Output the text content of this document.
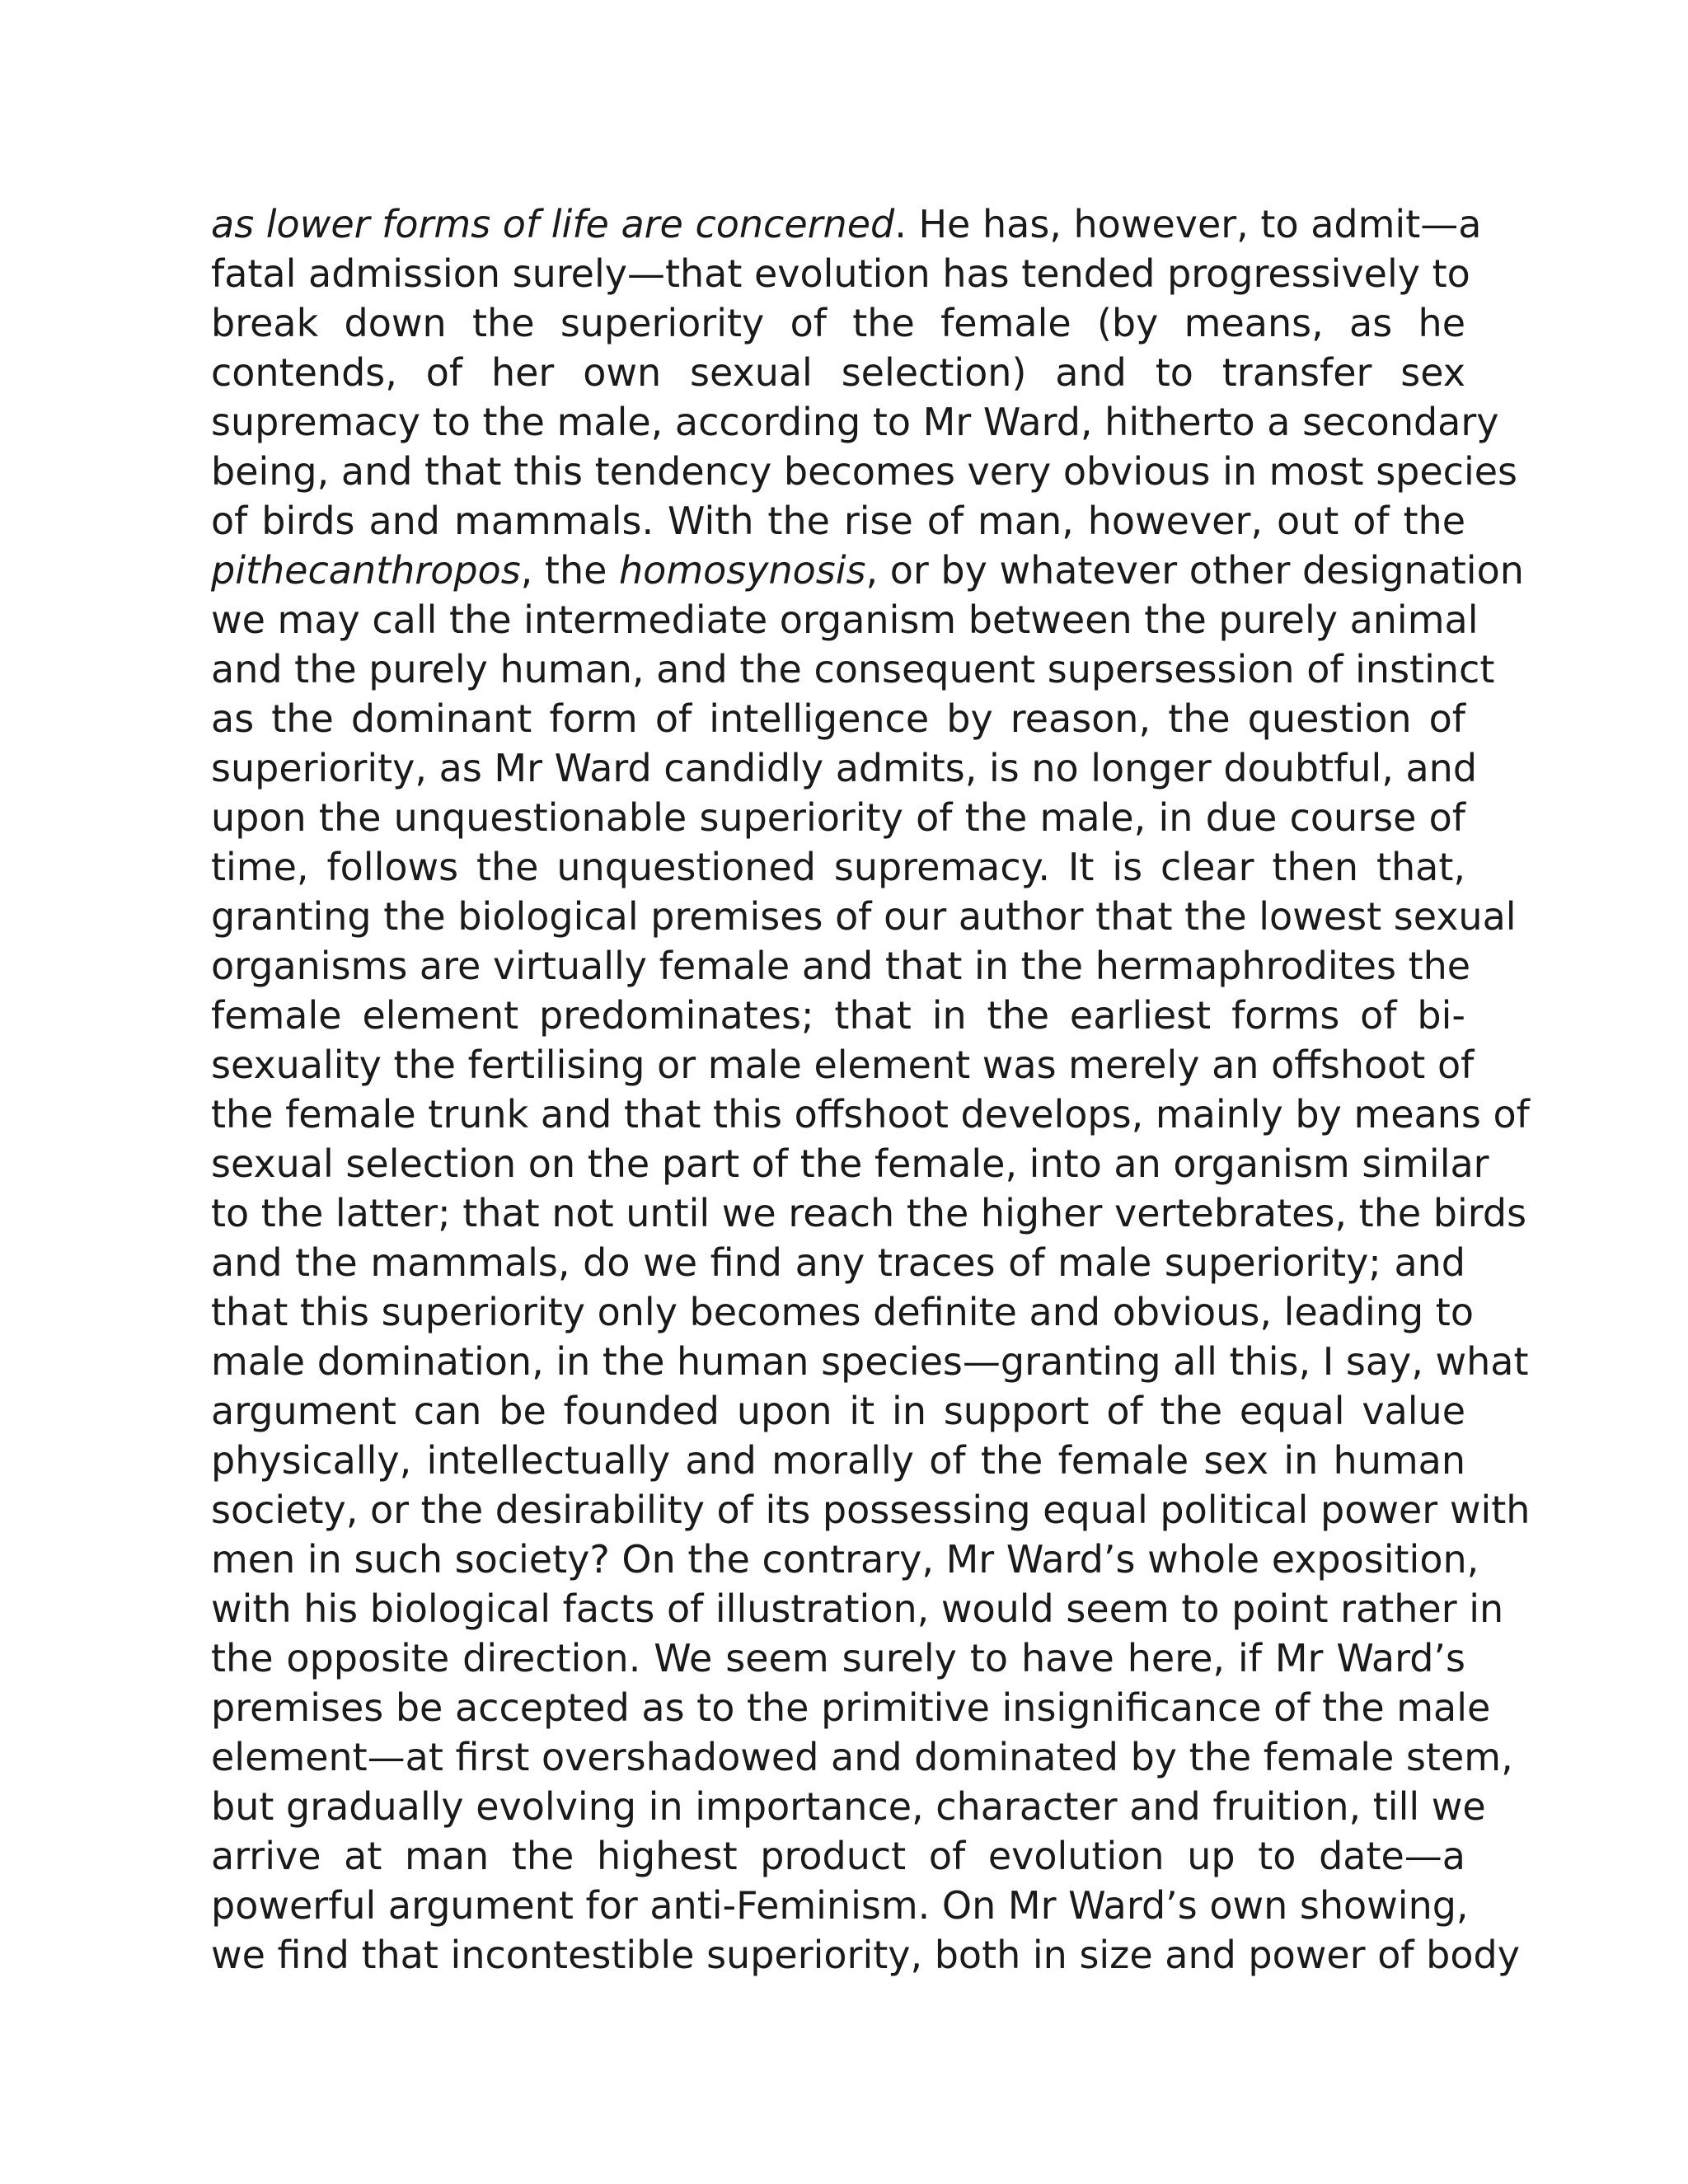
as lower forms of life are concerned. He has, however, to admit—a
fatal admission surely—that evolution has tended progressively to
break down the superiority of the female (by means, as he
contends, of her own sexual selection) and to transfer sex
supremacy to the male, according to Mr Ward, hitherto a secondary
being, and that this tendency becomes very obvious in most species
of birds and mammals. With the rise of man, however, out of the
pithecanthropos, the homosynosis, or by whatever other designation
we may call the intermediate organism between the purely animal
and the purely human, and the consequent supersession of instinct
as the dominant form of intelligence by reason, the question of
superiority, as Mr Ward candidly admits, is no longer doubtful, and
upon the unquestionable superiority of the male, in due course of
time, follows the unquestioned supremacy. It is clear then that,
granting the biological premises of our author that the lowest sexual
organisms are virtually female and that in the hermaphrodites the
female element predominates; that in the earliest forms of bi-
sexuality the fertilising or male element was merely an offshoot of
the female trunk and that this offshoot develops, mainly by means of
sexual selection on the part of the female, into an organism similar
to the latter; that not until we reach the higher vertebrates, the birds
and the mammals, do we find any traces of male superiority; and
that this superiority only becomes definite and obvious, leading to
male domination, in the human species—granting all this, I say, what
argument can be founded upon it in support of the equal value
physically, intellectually and morally of the female sex in human
society, or the desirability of its possessing equal political power with
men in such society? On the contrary, Mr Ward’s whole exposition,
with his biological facts of illustration, would seem to point rather in
the opposite direction. We seem surely to have here, if Mr Ward’s
premises be accepted as to the primitive insignificance of the male
element—at first overshadowed and dominated by the female stem,
but gradually evolving in importance, character and fruition, till we
arrive at man the highest product of evolution up to date—a
powerful argument for anti-Feminism. On Mr Ward’s own showing,
we find that incontestible superiority, both in size and power of body
